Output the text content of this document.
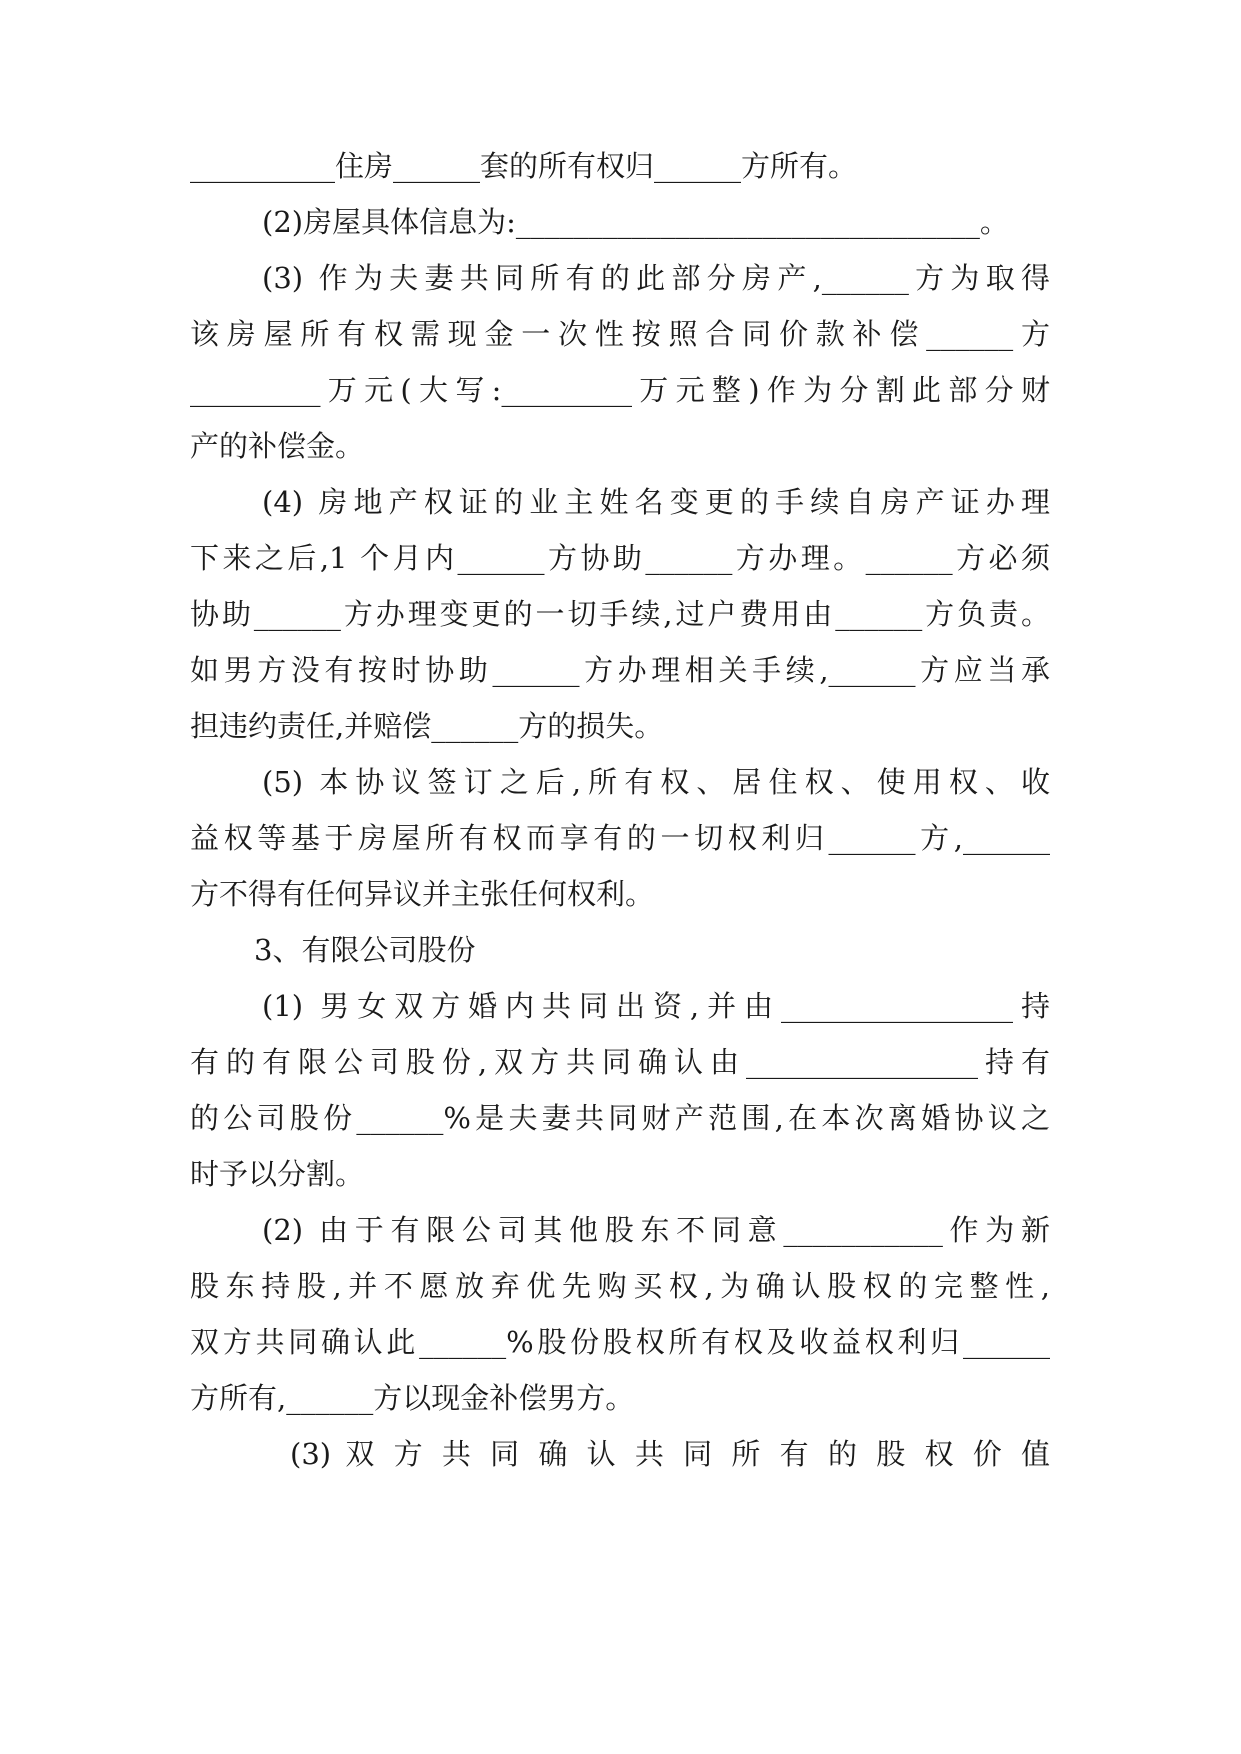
__________住房______套的所有权归______方所有。
(2)房屋具体信息为:________________________________。
(3) 作为夫妻共同所有的此部分房产,______方为取得
该房屋所有权需现金一次性按照合同价款补偿______方
_________万元(大写:_________万元整)作为分割此部分财
产的补偿金。
(4) 房地产权证的业主姓名变更的手续自房产证办理
下来之后,1 个月内______方协助______方办理。______方必须
协助______方办理变更的一切手续,过户费用由______方负责。
如男方没有按时协助______方办理相关手续,______方应当承
担违约责任,并赔偿______方的损失。
(5) 本协议签订之后,所有权、居住权、使用权、收
益权等基于房屋所有权而享有的一切权利归______方,______
方不得有任何异议并主张任何权利。
3、有限公司股份
(1) 男女双方婚内共同出资,并由________________持
有的有限公司股份,双方共同确认由________________持有
的公司股份______%是夫妻共同财产范围,在本次离婚协议之
时予以分割。
(2) 由于有限公司其他股东不同意___________作为新
股东持股,并不愿放弃优先购买权,为确认股权的完整性,
双方共同确认此______%股份股权所有权及收益权利归______
方所有,______方以现金补偿男方。
(3) 双 方 共 同 确 认 共 同 所 有 的 股 权 价 值
